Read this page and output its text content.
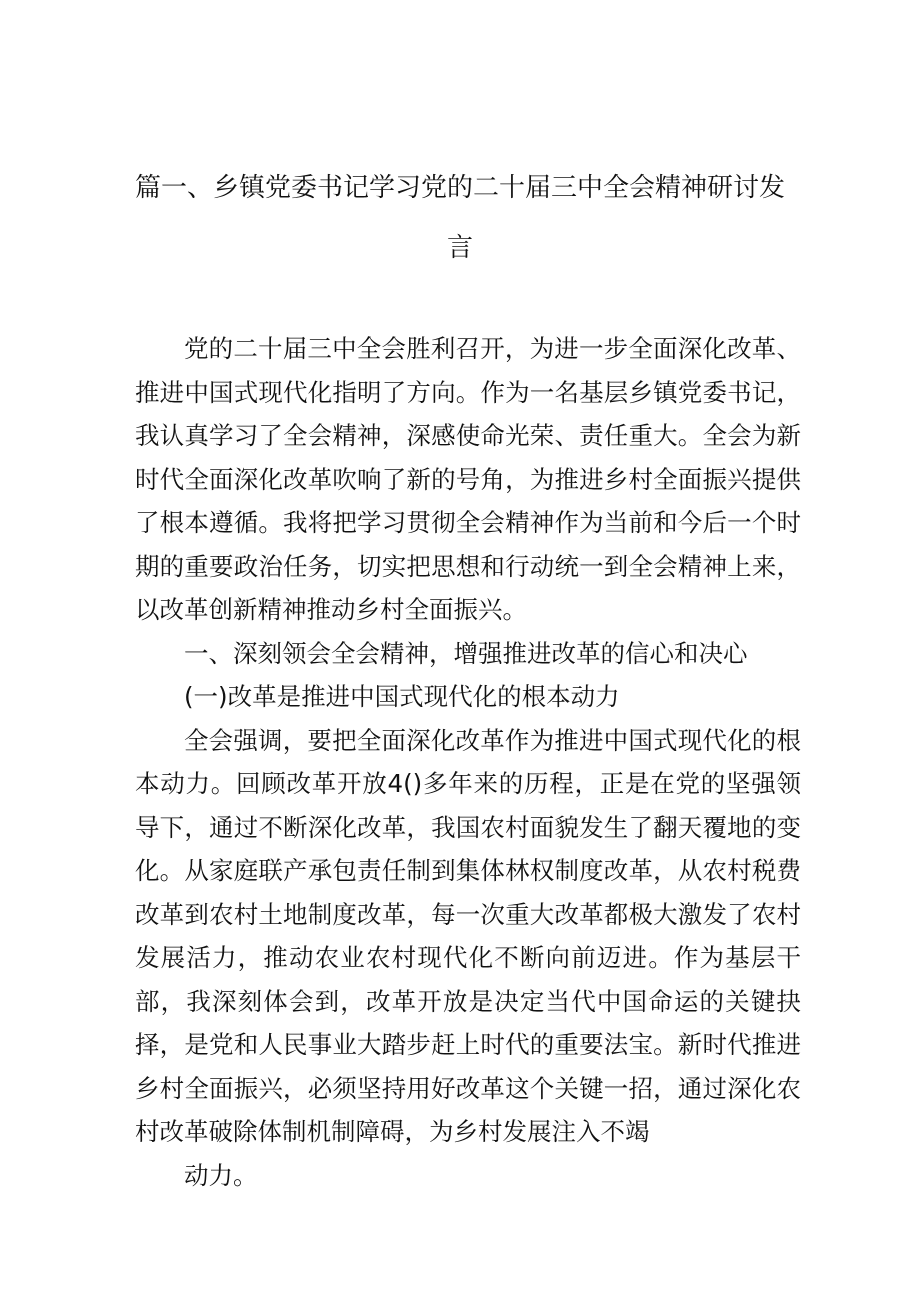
篇一、乡镇党委书记学习党的二十届三中全会精神研讨发
言

党的二十届三中全会胜利召开，为进一步全面深化改革、推进中国式现代化指明了方向。作为一名基层乡镇党委书记，我认真学习了全会精神，深感使命光荣、责任重大。全会为新时代全面深化改革吹响了新的号角，为推进乡村全面振兴提供了根本遵循。我将把学习贯彻全会精神作为当前和今后一个时期的重要政治任务，切实把思想和行动统一到全会精神上来，以改革创新精神推动乡村全面振兴。

一、深刻领会全会精神，增强推进改革的信心和决心

(一)改革是推进中国式现代化的根本动力

全会强调，要把全面深化改革作为推进中国式现代化的根本动力。回顾改革开放4()多年来的历程，正是在党的坚强领导下，通过不断深化改革，我国农村面貌发生了翻天覆地的变化。从家庭联产承包责任制到集体林权制度改革，从农村税费改革到农村土地制度改革，每一次重大改革都极大激发了农村发展活力，推动农业农村现代化不断向前迈进。作为基层干部，我深刻体会到，改革开放是决定当代中国命运的关键抉择，是党和人民事业大踏步赶上时代的重要法宝。新时代推进乡村全面振兴，必须坚持用好改革这个关键一招，通过深化农村改革破除体制机制障碍，为乡村发展注入不竭

动力。
